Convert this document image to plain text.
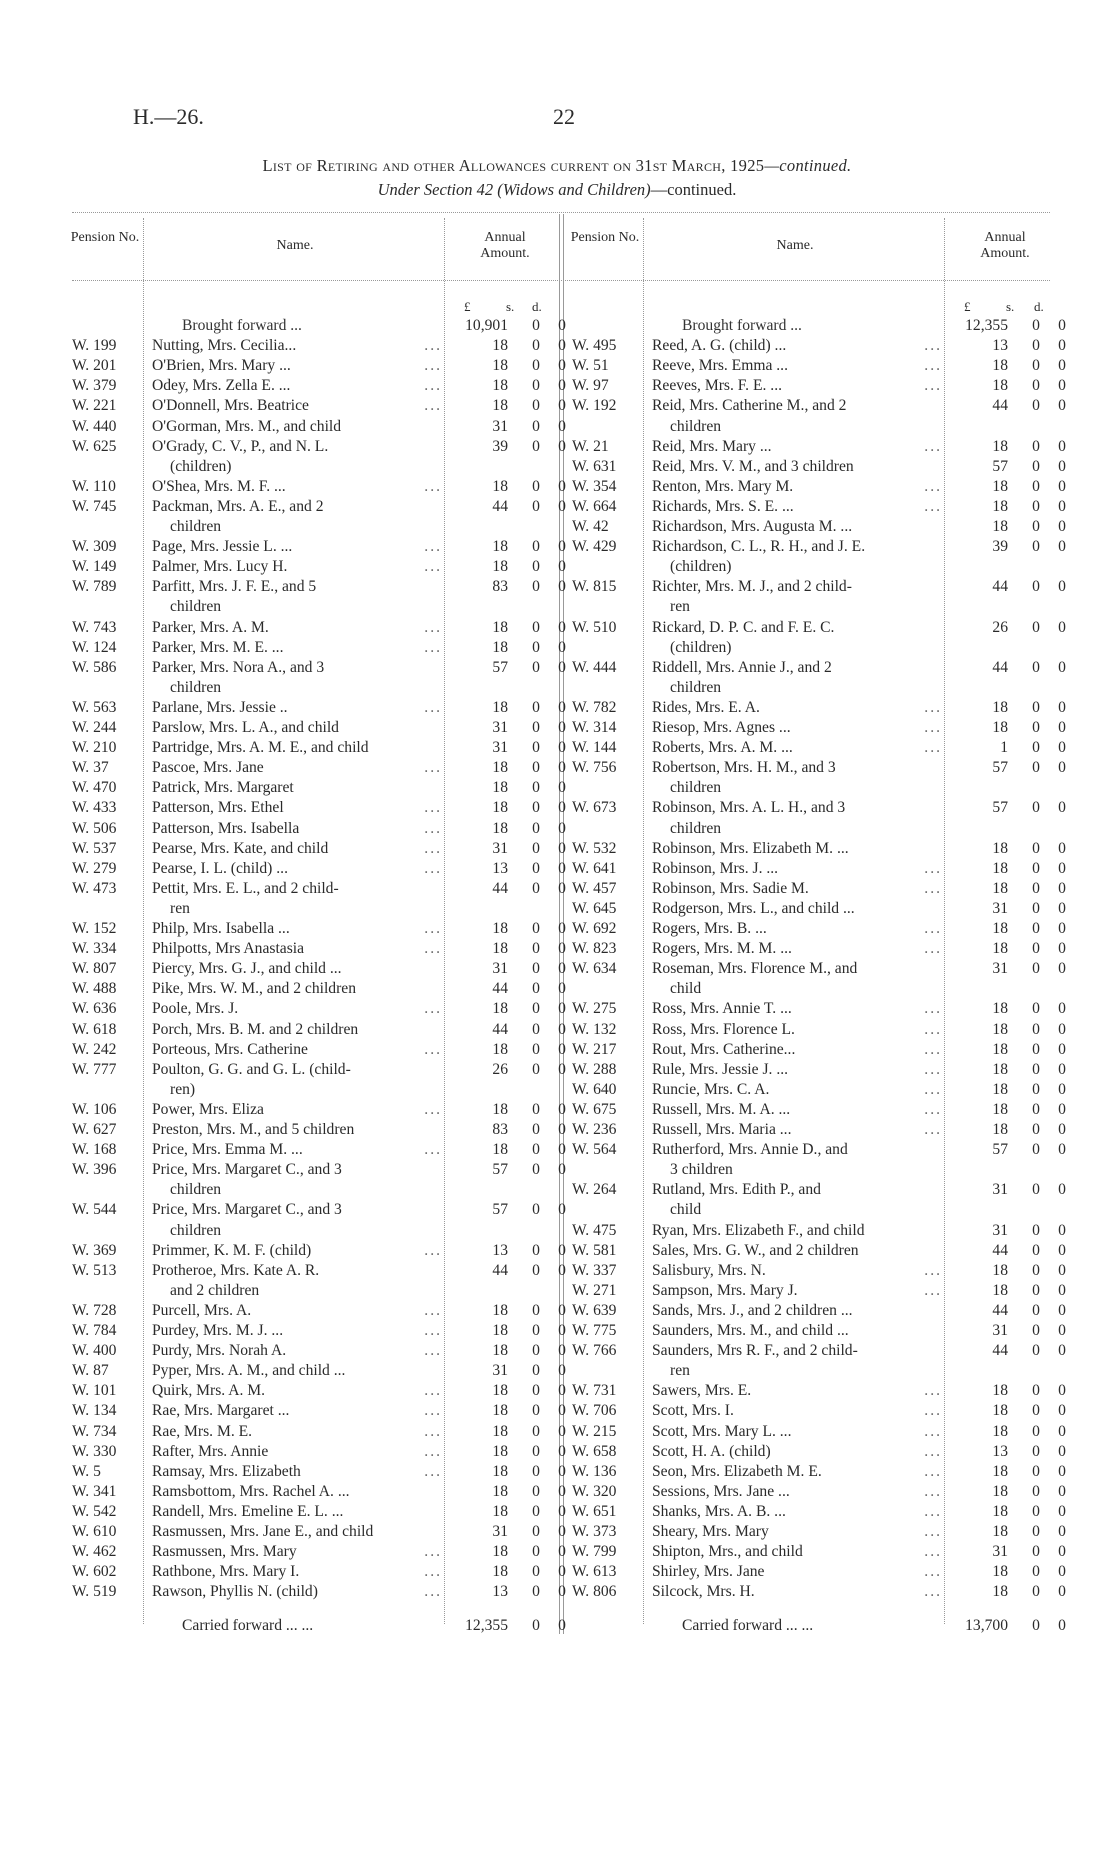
H.—26.	22
List of Retiring and other Allowances current on 31st March, 1925—continued.
Under Section 42 (Widows and Children)—continued.
Pension No.
Name.
Annual Amount.
Pension No.
Name.
Annual Amount.
£	s. d.	£	s. d.
Brought forward ...	10,901 0 0
W. 199	Nutting, Mrs. Cecilia...	...	18 0 0
W. 201	O'Brien, Mrs. Mary ...	...	18 0 0
W. 379	Odey, Mrs. Zella E. ...	...	18 0 0
W. 221	O'Donnell, Mrs. Beatrice	...	18 0 0
W. 440	O'Gorman, Mrs. M., and child	31 0 0
W. 625	O'Grady, C. V., P., and N. L.	39 0 0
(children)
W. 110	O'Shea, Mrs. M. F. ...	...	18 0 0
W. 745	Packman, Mrs. A. E., and 2	44 0 0
children
W. 309	Page, Mrs. Jessie L. ...	...	18 0 0
W. 149	Palmer, Mrs. Lucy H.	...	18 0 0
W. 789	Parfitt, Mrs. J. F. E., and 5	83 0 0
children
W. 743	Parker, Mrs. A. M.	...	18 0 0
W. 124	Parker, Mrs. M. E. ...	...	18 0 0
W. 586	Parker, Mrs. Nora A., and 3	57 0 0
children
W. 563	Parlane, Mrs. Jessie ..	...	18 0 0
W. 244	Parslow, Mrs. L. A., and child	31 0 0
W. 210	Partridge, Mrs. A. M. E., and child	31 0 0
W. 37	Pascoe, Mrs. Jane	...	18 0 0
W. 470	Patrick, Mrs. Margaret	18 0 0
W. 433	Patterson, Mrs. Ethel	...	18 0 0
W. 506	Patterson, Mrs. Isabella	...	18 0 0
W. 537	Pearse, Mrs. Kate, and child	...	31 0 0
W. 279	Pearse, I. L. (child) ...	...	13 0 0
W. 473	Pettit, Mrs. E. L., and 2 child-	44 0 0
ren
W. 152	Philp, Mrs. Isabella ...	...	18 0 0
W. 334	Philpotts, Mrs Anastasia	...	18 0 0
W. 807	Piercy, Mrs. G. J., and child ...	31 0 0
W. 488	Pike, Mrs. W. M., and 2 children	44 0 0
W. 636	Poole, Mrs. J.	...	18 0 0
W. 618	Porch, Mrs. B. M. and 2 children	44 0 0
W. 242	Porteous, Mrs. Catherine	...	18 0 0
W. 777	Poulton, G. G. and G. L. (child-	26 0 0
ren)
W. 106	Power, Mrs. Eliza	...	18 0 0
W. 627	Preston, Mrs. M., and 5 children	83 0 0
W. 168	Price, Mrs. Emma M. ...	...	18 0 0
W. 396	Price, Mrs. Margaret C., and 3	57 0 0
children
W. 544	Price, Mrs. Margaret C., and 3	57 0 0
children
W. 369	Primmer, K. M. F. (child)	...	13 0 0
W. 513	Protheroe, Mrs. Kate A. R.	44 0 0
and 2 children
W. 728	Purcell, Mrs. A.	...	18 0 0
W. 784	Purdey, Mrs. M. J. ...	...	18 0 0
W. 400	Purdy, Mrs. Norah A.	...	18 0 0
W. 87	Pyper, Mrs. A. M., and child ...	31 0 0
W. 101	Quirk, Mrs. A. M.	...	18 0 0
W. 134	Rae, Mrs. Margaret ...	...	18 0 0
W. 734	Rae, Mrs. M. E.	...	18 0 0
W. 330	Rafter, Mrs. Annie	...	18 0 0
W. 5	Ramsay, Mrs. Elizabeth	...	18 0 0
W. 341	Ramsbottom, Mrs. Rachel A. ...	18 0 0
W. 542	Randell, Mrs. Emeline E. L. ...	18 0 0
W. 610	Rasmussen, Mrs. Jane E., and child	31 0 0
W. 462	Rasmussen, Mrs. Mary	...	18 0 0
W. 602	Rathbone, Mrs. Mary I.	...	18 0 0
W. 519	Rawson, Phyllis N. (child)	...	13 0 0
Carried forward ... ...	12,355 0 0
Brought forward ...	12,355 0 0
W. 495	Reed, A. G. (child) ...	...	13 0 0
W. 51	Reeve, Mrs. Emma ...	...	18 0 0
W. 97	Reeves, Mrs. F. E. ...	...	18 0 0
W. 192	Reid, Mrs. Catherine M., and 2	44 0 0
children
W. 21	Reid, Mrs. Mary ...	...	18 0 0
W. 631	Reid, Mrs. V. M., and 3 children	57 0 0
W. 354	Renton, Mrs. Mary M.	...	18 0 0
W. 664	Richards, Mrs. S. E. ...	...	18 0 0
W. 42	Richardson, Mrs. Augusta M. ...	18 0 0
W. 429	Richardson, C. L., R. H., and J. E.	39 0 0
(children)
W. 815	Richter, Mrs. M. J., and 2 child-	44 0 0
ren
W. 510	Rickard, D. P. C. and F. E. C.	26 0 0
(children)
W. 444	Riddell, Mrs. Annie J., and 2	44 0 0
children
W. 782	Rides, Mrs. E. A.	...	18 0 0
W. 314	Riesop, Mrs. Agnes ...	...	18 0 0
W. 144	Roberts, Mrs. A. M. ...	...	1 0 0
W. 756	Robertson, Mrs. H. M., and 3	57 0 0
children
W. 673	Robinson, Mrs. A. L. H., and 3	57 0 0
children
W. 532	Robinson, Mrs. Elizabeth M. ...	18 0 0
W. 641	Robinson, Mrs. J. ...	...	18 0 0
W. 457	Robinson, Mrs. Sadie M.	...	18 0 0
W. 645	Rodgerson, Mrs. L., and child ...	31 0 0
W. 692	Rogers, Mrs. B. ...	...	18 0 0
W. 823	Rogers, Mrs. M. M. ...	...	18 0 0
W. 634	Roseman, Mrs. Florence M., and	31 0 0
child
W. 275	Ross, Mrs. Annie T. ...	...	18 0 0
W. 132	Ross, Mrs. Florence L.	...	18 0 0
W. 217	Rout, Mrs. Catherine...	...	18 0 0
W. 288	Rule, Mrs. Jessie J. ...	...	18 0 0
W. 640	Runcie, Mrs. C. A.	...	18 0 0
W. 675	Russell, Mrs. M. A. ...	...	18 0 0
W. 236	Russell, Mrs. Maria ...	...	18 0 0
W. 564	Rutherford, Mrs. Annie D., and	57 0 0
3 children
W. 264	Rutland, Mrs. Edith P., and	31 0 0
child
W. 475	Ryan, Mrs. Elizabeth F., and child	31 0 0
W. 581	Sales, Mrs. G. W., and 2 children	44 0 0
W. 337	Salisbury, Mrs. N.	...	18 0 0
W. 271	Sampson, Mrs. Mary J.	...	18 0 0
W. 639	Sands, Mrs. J., and 2 children ...	44 0 0
W. 775	Saunders, Mrs. M., and child ...	31 0 0
W. 766	Saunders, Mrs R. F., and 2 child-	44 0 0
ren
W. 731	Sawers, Mrs. E.	...	18 0 0
W. 706	Scott, Mrs. I.	...	18 0 0
W. 215	Scott, Mrs. Mary L. ...	...	18 0 0
W. 658	Scott, H. A. (child)	...	13 0 0
W. 136	Seon, Mrs. Elizabeth M. E.	...	18 0 0
W. 320	Sessions, Mrs. Jane ...	...	18 0 0
W. 651	Shanks, Mrs. A. B. ...	...	18 0 0
W. 373	Sheary, Mrs. Mary	...	18 0 0
W. 799	Shipton, Mrs., and child	...	31 0 0
W. 613	Shirley, Mrs. Jane	...	18 0 0
W. 806	Silcock, Mrs. H.	...	18 0 0
Carried forward ... ...	13,700 0 0
